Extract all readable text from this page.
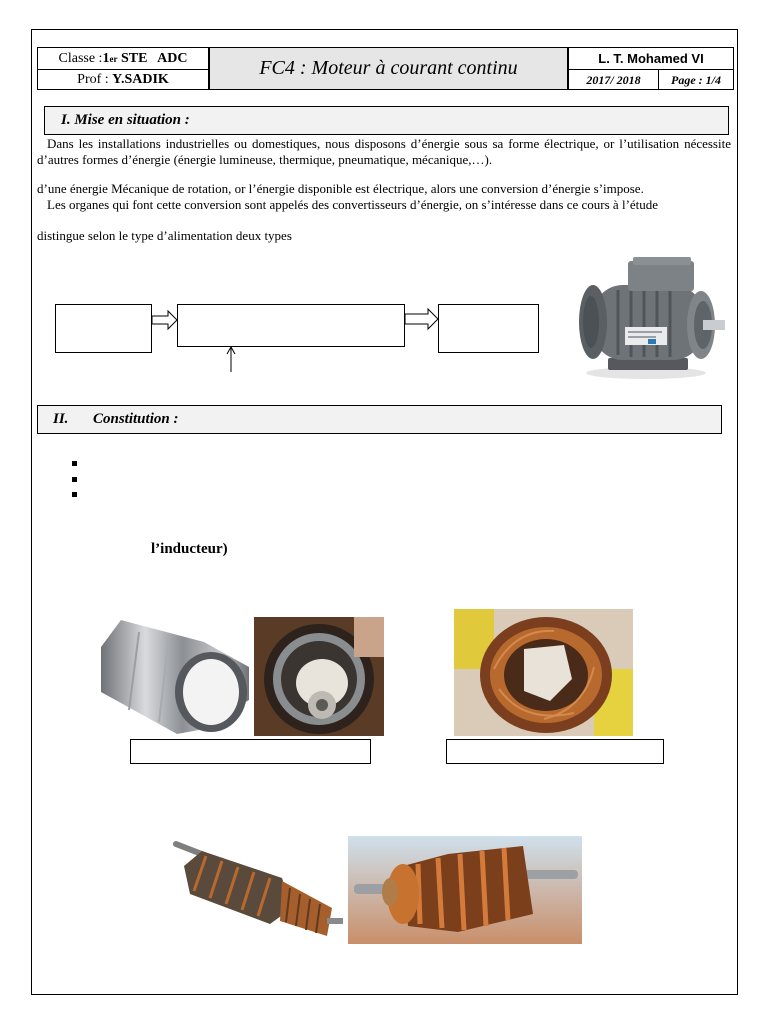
Classe : 1 er STE   ADC
Prof : Y.SADIK
FC4 : Moteur à courant continu	L. T. Mohamed VI
2017/ 2018	Page : 1/4
I. Mise en situation :
Dans les installations industrielles ou domestiques, nous disposons d’énergie sous sa forme électrique, or l’utilisation nécessite d’autres formes d’énergie (énergie lumineuse, thermique, pneumatique, mécanique,…).
d’une énergie Mécanique de rotation, or l’énergie disponible est électrique, alors une conversion d’énergie s’impose.
Les organes qui font cette conversion sont appelés des convertisseurs d’énergie, on s’intéresse dans ce cours à l’étude
distingue selon le type d’alimentation deux types
II.	Constitution :
l’inducteur)
